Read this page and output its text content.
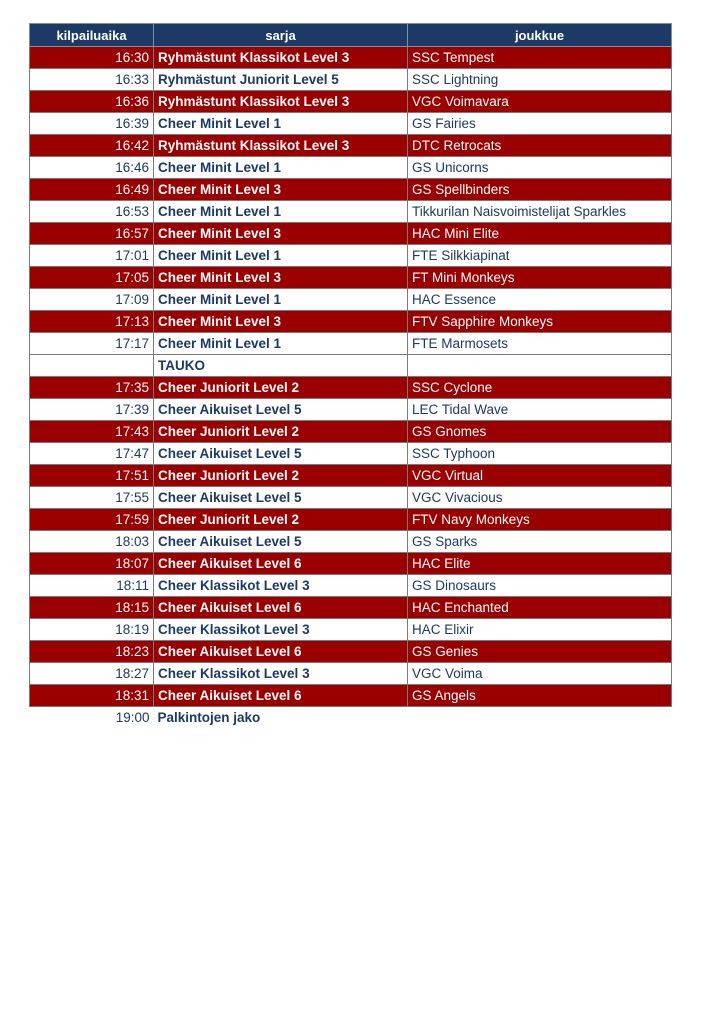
kilpailuaika	sarja	joukkue
16:30	Ryhmästunt Klassikot Level 3	SSC Tempest
16:33	Ryhmästunt Juniorit Level 5	SSC Lightning
16:36	Ryhmästunt Klassikot Level 3	VGC Voimavara
16:39	Cheer Minit Level 1	GS Fairies
16:42	Ryhmästunt Klassikot Level 3	DTC Retrocats
16:46	Cheer Minit Level 1	GS Unicorns
16:49	Cheer Minit Level 3	GS Spellbinders
16:53	Cheer Minit Level 1	Tikkurilan Naisvoimistelijat Sparkles
16:57	Cheer Minit Level 3	HAC Mini Elite
17:01	Cheer Minit Level 1	FTE Silkkiapinat
17:05	Cheer Minit Level 3	FT Mini Monkeys
17:09	Cheer Minit Level 1	HAC Essence
17:13	Cheer Minit Level 3	FTV Sapphire Monkeys
17:17	Cheer Minit Level 1	FTE Marmosets
	TAUKO	
17:35	Cheer Juniorit Level 2	SSC Cyclone
17:39	Cheer Aikuiset Level 5	LEC Tidal Wave
17:43	Cheer Juniorit Level 2	GS Gnomes
17:47	Cheer Aikuiset Level 5	SSC Typhoon
17:51	Cheer Juniorit Level 2	VGC Virtual
17:55	Cheer Aikuiset Level 5	VGC Vivacious
17:59	Cheer Juniorit Level 2	FTV Navy Monkeys
18:03	Cheer Aikuiset Level 5	GS Sparks
18:07	Cheer Aikuiset Level 6	HAC Elite
18:11	Cheer Klassikot Level 3	GS Dinosaurs
18:15	Cheer Aikuiset Level 6	HAC Enchanted
18:19	Cheer Klassikot Level 3	HAC Elixir
18:23	Cheer Aikuiset Level 6	GS Genies
18:27	Cheer Klassikot Level 3	VGC Voima
18:31	Cheer Aikuiset Level 6	GS Angels
19:00	Palkintojen jako	
